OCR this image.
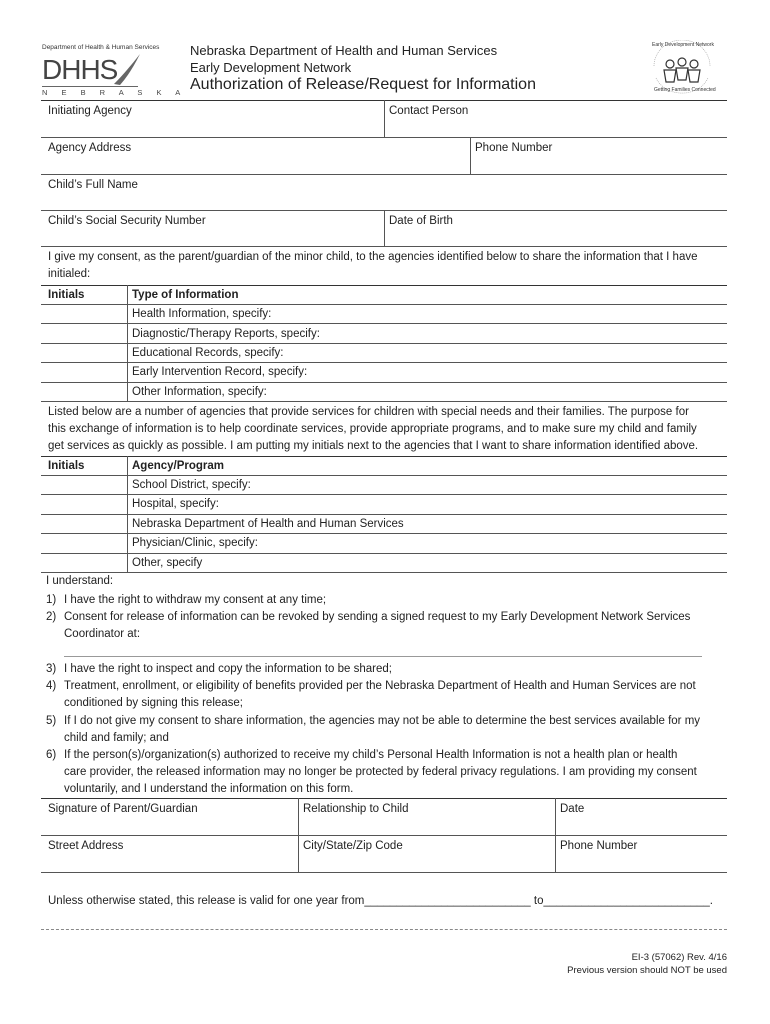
Department of Health & Human Services
DHHS
N E B R A S K A
Nebraska Department of Health and Human Services
Early Development Network
Authorization of Release/Request for Information
Early Development Network
Getting Families Connected
Initiating Agency	Contact Person
Agency Address	Phone Number
Child’s Full Name
Child’s Social Security Number	Date of Birth
I give my consent, as the parent/guardian of the minor child, to the agencies identified below to share the information that I have
initialed:
Initials	Type of Information
Health Information, specify:
Diagnostic/Therapy Reports, specify:
Educational Records, specify:
Early Intervention Record, specify:
Other Information, specify:
Listed below are a number of agencies that provide services for children with special needs and their families. The purpose for
this exchange of information is to help coordinate services, provide appropriate programs, and to make sure my child and family
get services as quickly as possible. I am putting my initials next to the agencies that I want to share information identified above.
Initials	Agency/Program
School District, specify:
Hospital, specify:
Nebraska Department of Health and Human Services
Physician/Clinic, specify:
Other, specify
I understand:
1) I have the right to withdraw my consent at any time;
2) Consent for release of information can be revoked by sending a signed request to my Early Development Network Services
Coordinator at:
3) I have the right to inspect and copy the information to be shared;
4) Treatment, enrollment, or eligibility of benefits provided per the Nebraska Department of Health and Human Services are not
conditioned by signing this release;
5) If I do not give my consent to share information, the agencies may not be able to determine the best services available for my
child and family; and
6) If the person(s)/organization(s) authorized to receive my child’s Personal Health Information is not a health plan or health
care provider, the released information may no longer be protected by federal privacy regulations. I am providing my consent
voluntarily, and I understand the information on this form.
Signature of Parent/Guardian	Relationship to Child	Date
Street Address	City/State/Zip Code	Phone Number
Unless otherwise stated, this release is valid for one year from__________________________ to__________________________.
EI-3 (57062) Rev. 4/16
Previous version should NOT be used
